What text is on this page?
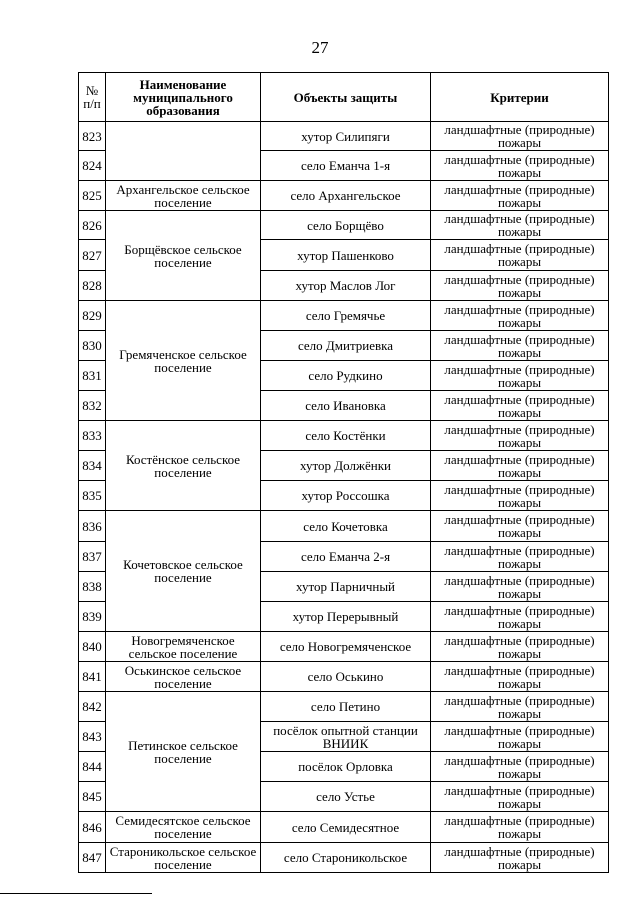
27
№ п/п	Наименование муниципального образования	Объекты защиты	Критерии
823		хутор Силипяги	ландшафтные (природные) пожары
824		село Еманча 1-я	ландшафтные (природные) пожары
825	Архангельское сельское поселение	село Архангельское	ландшафтные (природные) пожары
826	Борщёвское сельское поселение	село Борщёво	ландшафтные (природные) пожары
827		хутор Пашенково	ландшафтные (природные) пожары
828		хутор Маслов Лог	ландшафтные (природные) пожары
829	Гремяченское сельское поселение	село Гремячье	ландшафтные (природные) пожары
830		село Дмитриевка	ландшафтные (природные) пожары
831		село Рудкино	ландшафтные (природные) пожары
832		село Ивановка	ландшафтные (природные) пожары
833	Костёнское сельское поселение	село Костёнки	ландшафтные (природные) пожары
834		хутор Должёнки	ландшафтные (природные) пожары
835		хутор Россошка	ландшафтные (природные) пожары
836	Кочетовское сельское поселение	село Кочетовка	ландшафтные (природные) пожары
837		село Еманча 2-я	ландшафтные (природные) пожары
838		хутор Парничный	ландшафтные (природные) пожары
839		хутор Перерывный	ландшафтные (природные) пожары
840	Новогремяченское сельское поселение	село Новогремяченское	ландшафтные (природные) пожары
841	Оськинское сельское поселение	село Оськино	ландшафтные (природные) пожары
842	Петинское сельское поселение	село Петино	ландшафтные (природные) пожары
843		посёлок опытной станции ВНИИК	ландшафтные (природные) пожары
844		посёлок Орловка	ландшафтные (природные) пожары
845		село Устье	ландшафтные (природные) пожары
846	Семидесятское сельское поселение	село Семидесятное	ландшафтные (природные) пожары
847	Староникольское сельское поселение	село Староникольское	ландшафтные (природные) пожары
